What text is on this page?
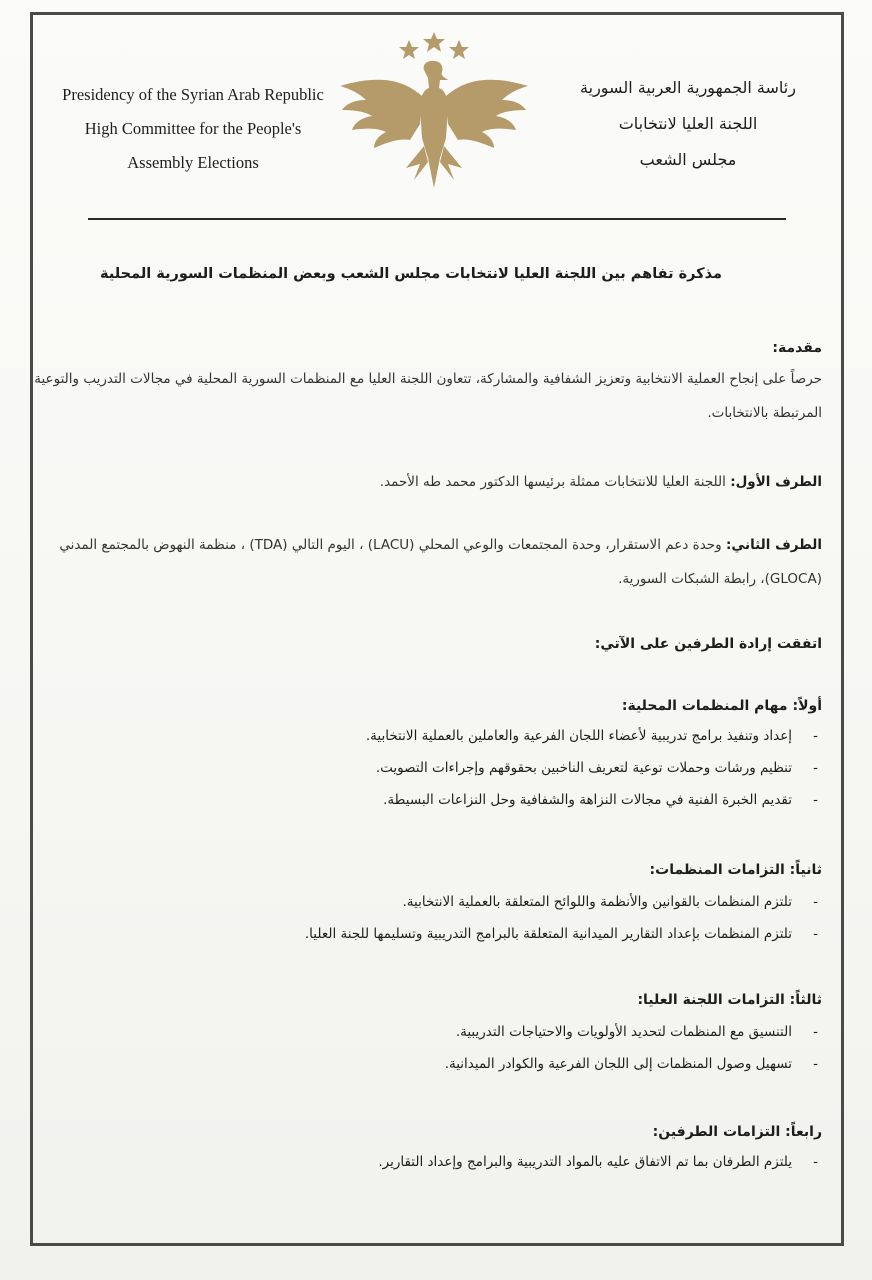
Presidency of the Syrian Arab Republic
High Committee for the People's
Assembly Elections
رئاسة الجمهورية العربية السورية
اللجنة العليا لانتخابات
مجلس الشعب
مذكرة تفاهم بين اللجنة العليا لانتخابات مجلس الشعب وبعض المنظمات السورية المحلية
مقدمة:
حرصاً على إنجاح العملية الانتخابية وتعزيز الشفافية والمشاركة، تتعاون اللجنة العليا مع المنظمات السورية المحلية في مجالات التدريب والتوعية المرتبطة بالانتخابات.
الطرف الأول: اللجنة العليا للانتخابات ممثلة برئيسها الدكتور محمد طه الأحمد.
الطرف الثاني: وحدة دعم الاستقرار، وحدة المجتمعات والوعي المحلي (LACU) ، اليوم التالي (TDA) ، منظمة النهوض بالمجتمع المدني (GLOCA)، رابطة الشبكات السورية.
اتفقت إرادة الطرفين على الآتي:
أولاً: مهام المنظمات المحلية:
- إعداد وتنفيذ برامج تدريبية لأعضاء اللجان الفرعية والعاملين بالعملية الانتخابية.
- تنظيم ورشات وحملات توعية لتعريف الناخبين بحقوقهم وإجراءات التصويت.
- تقديم الخبرة الفنية في مجالات النزاهة والشفافية وحل النزاعات البسيطة.
ثانياً: التزامات المنظمات:
- تلتزم المنظمات بالقوانين والأنظمة واللوائح المتعلقة بالعملية الانتخابية.
- تلتزم المنظمات بإعداد التقارير الميدانية المتعلقة بالبرامج التدريبية وتسليمها للجنة العليا.
ثالثاً: التزامات اللجنة العليا:
- التنسيق مع المنظمات لتحديد الأولويات والاحتياجات التدريبية.
- تسهيل وصول المنظمات إلى اللجان الفرعية والكوادر الميدانية.
رابعاً: التزامات الطرفين:
- يلتزم الطرفان بما تم الاتفاق عليه بالمواد التدريبية والبرامج وإعداد التقارير.
